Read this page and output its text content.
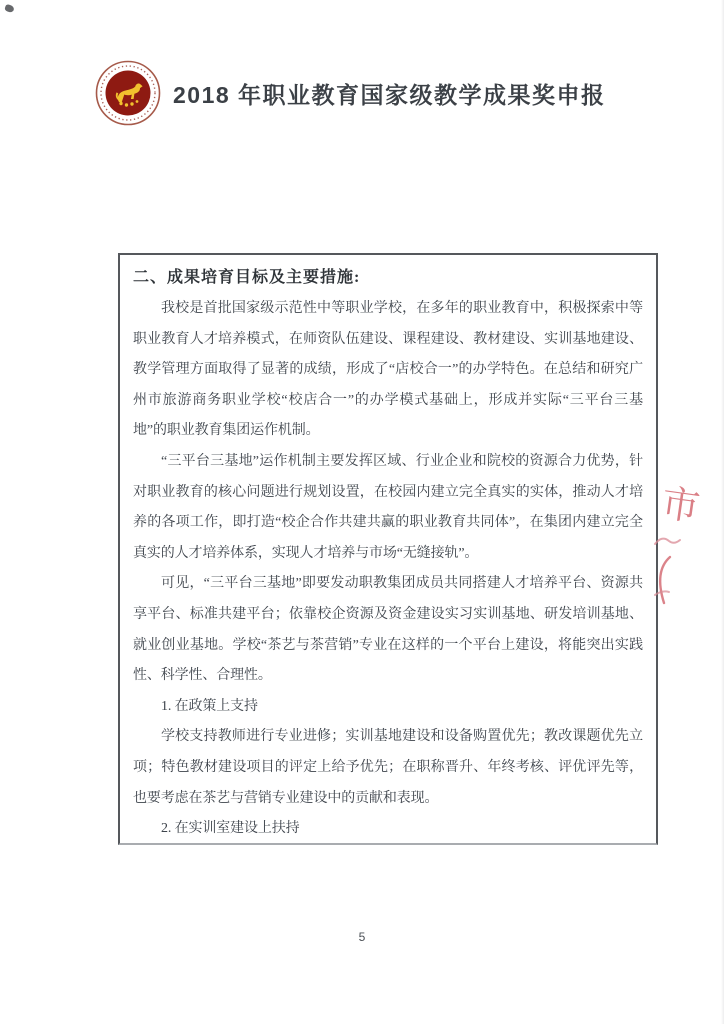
2018 年职业教育国家级教学成果奖申报
二、成果培育目标及主要措施:

我校是首批国家级示范性中等职业学校，在多年的职业教育中，积极探索中等职业教育人才培养模式，在师资队伍建设、课程建设、教材建设、实训基地建设、教学管理方面取得了显著的成绩，形成了“店校合一”的办学特色。在总结和研究广州市旅游商务职业学校“校店合一”的办学模式基础上，形成并实际“三平台三基地”的职业教育集团运作机制。

“三平台三基地”运作机制主要发挥区域、行业企业和院校的资源合力优势，针对职业教育的核心问题进行规划设置，在校园内建立完全真实的实体，推动人才培养的各项工作，即打造“校企合作共建共赢的职业教育共同体”，在集团内建立完全真实的人才培养体系，实现人才培养与市场“无缝接轨”。

可见，“三平台三基地”即要发动职教集团成员共同搭建人才培养平台、资源共享平台、标准共建平台；依靠校企资源及资金建设实习实训基地、研发培训基地、就业创业基地。学校“茶艺与茶营销”专业在这样的一个平台上建设，将能突出实践性、科学性、合理性。

1. 在政策上支持

学校支持教师进行专业进修；实训基地建设和设备购置优先；教改课题优先立项；特色教材建设项目的评定上给予优先；在职称晋升、年终考核、评优评先等，也要考虑在茶艺与营销专业建设中的贡献和表现。

2. 在实训室建设上扶持

市
5
